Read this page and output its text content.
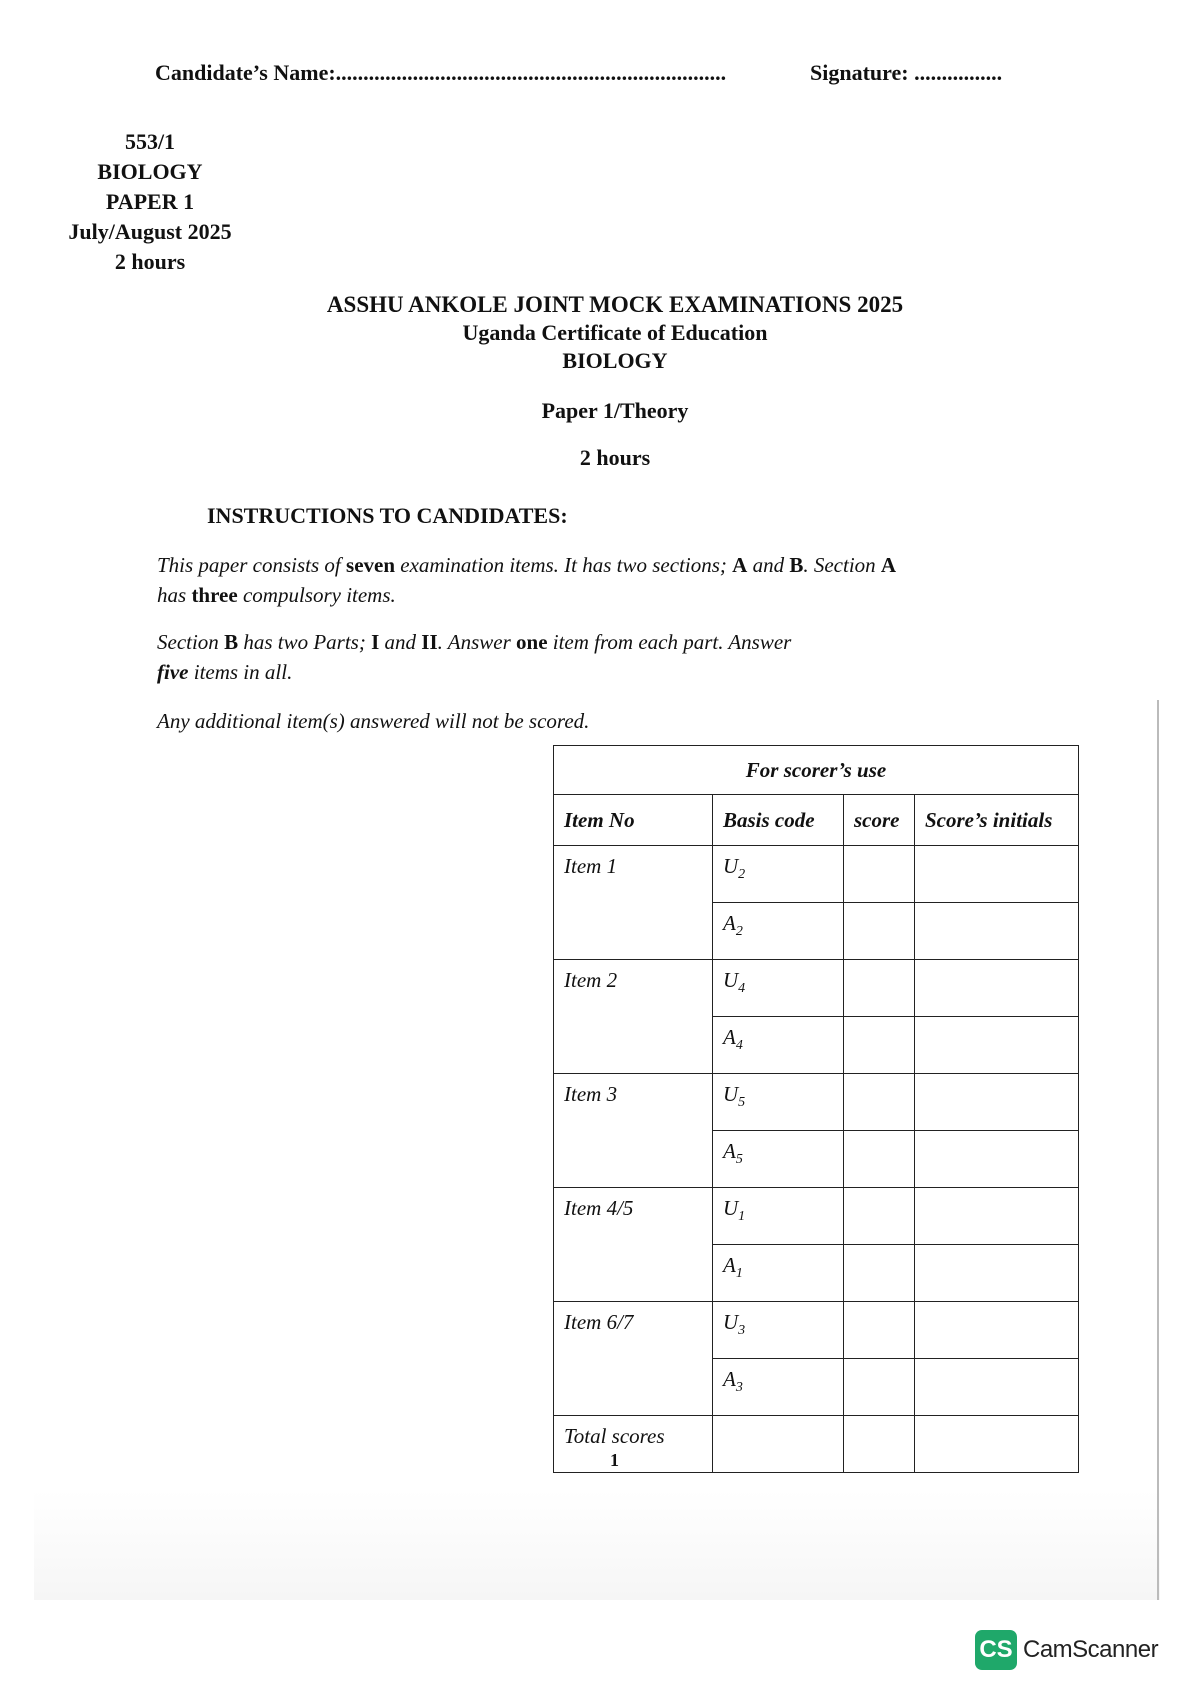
Candidate’s Name:.......................................................................	Signature: ................
553/1
BIOLOGY
PAPER 1
July/August 2025
2 hours
ASSHU ANKOLE JOINT MOCK EXAMINATIONS 2025
Uganda Certificate of Education
BIOLOGY
Paper 1/Theory
2 hours
INSTRUCTIONS TO CANDIDATES:
This paper consists of seven examination items. It has two sections; A and B. Section A
has three compulsory items.
Section B has two Parts; I and II. Answer one item from each part. Answer
five items in all.
Any additional item(s) answered will not be scored.
For scorer’s use			
Item No	Basis code	score	Score’s initials
Item 1	$U_2$		
	$A_2$		
Item 2	$U_4$		
	$A_4$		
Item 3	$U_5$		
	$A_5$		
Item 4/5	$U_1$		
	$A_1$		
Item 6/7	$U_3$		
	$A_3$		
Total scores			
1
CS CamScanner
